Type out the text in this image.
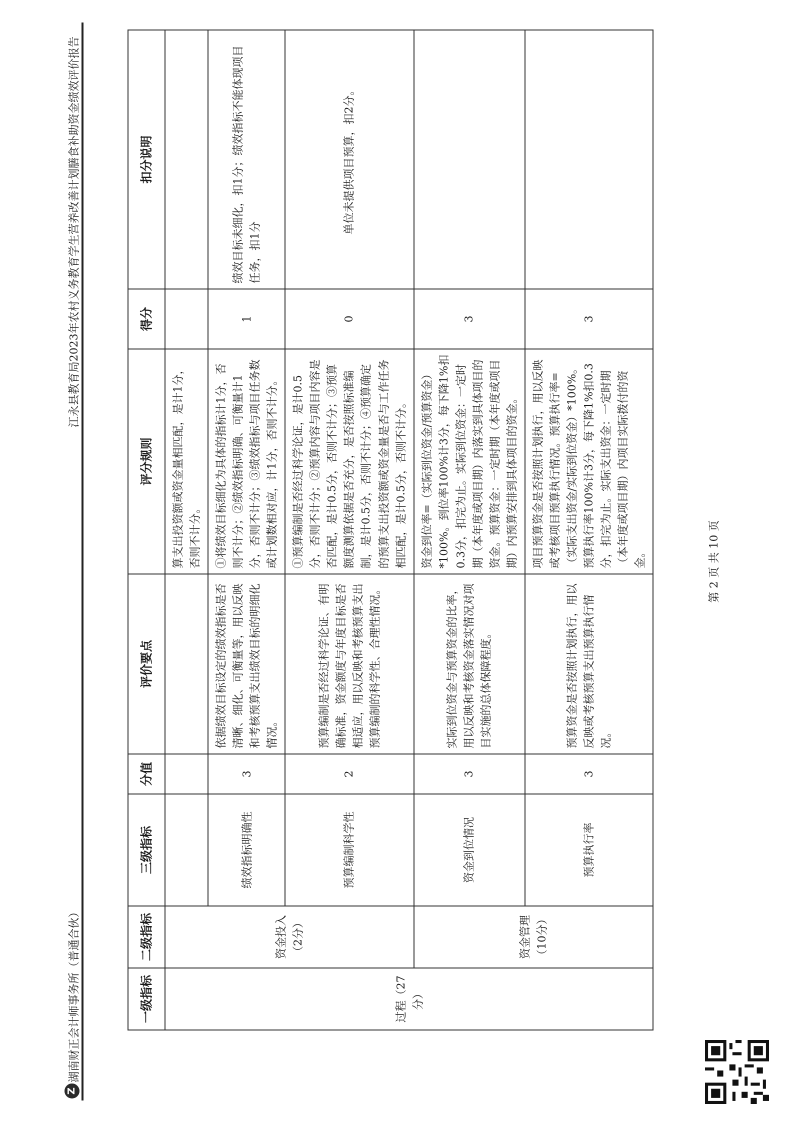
Z
湖南财正会计师事务所（普通合伙）
江永县教育局2023年农村义务教育学生营养改善计划膳食补助资金绩效评价报告
一级指标	二级指标	三级指标	分值	评价要点	评分规则	得分	扣分说明
过程（27分）	资金投入（2分）				算支出投资额或资金量相匹配，是计1分，否则不计分。		
		绩效指标明确性	3	依据绩效目标设定的绩效指标是否清晰、细化、可衡量等，用以反映和考核预算支出绩效目标的明细化情况。	①将绩效目标细化为具体的指标计1分，否则不计分；②绩效指标明确、可衡量计1分，否则不计分；③绩效指标与项目任务数或计划数相对应，计1分，否则不计分。	1	绩效目标未细化，扣1分；绩效指标不能体现项目任务，扣1分
		预算编制科学性	2	预算编制是否经过科学论证、有明确标准，资金额度与年度目标是否相适应，用以反映和考核预算支出预算编制的科学性、合理性情况。	①预算编制是否经过科学论证，是计0.5分，否则不计分；②预算内容与项目内容是否匹配，是计0.5分，否则不计分；③预算额度测算依据是否充分，是否按照标准编制，是计0.5分，否则不计分；④预算确定的预算支出投资额或资金量是否与工作任务相匹配，是计0.5分，否则不计分。	0	单位未提供项目预算，扣2分。
	资金管理（10分）	资金到位情况	3	实际到位资金与预算资金的比率，用以反映和考核资金落实情况对项目实施的总体保障程度。	资金到位率=（实际到位资金/预算资金）*100%。到位率100%计3分，每下降1%扣0.3分，扣完为止。实际到位资金：一定时期（本年度或项目期）内落实到具体项目的资金。预算资金：一定时期（本年度或项目期）内预算安排到具体项目的资金。	3	
		预算执行率	3	预算资金是否按照计划执行，用以反映或考核预算支出预算执行情况。	项目预算资金是否按照计划执行，用以反映或考核项目预算执行情况。预算执行率=（实际支出资金/实际到位资金）*100%。预算执行率100%计3分，每下降1%扣0.3分，扣完为止。实际支出资金：一定时期（本年度或项目期）内项目实际拨付的资金。	3	
第 2 页 共 10 页
